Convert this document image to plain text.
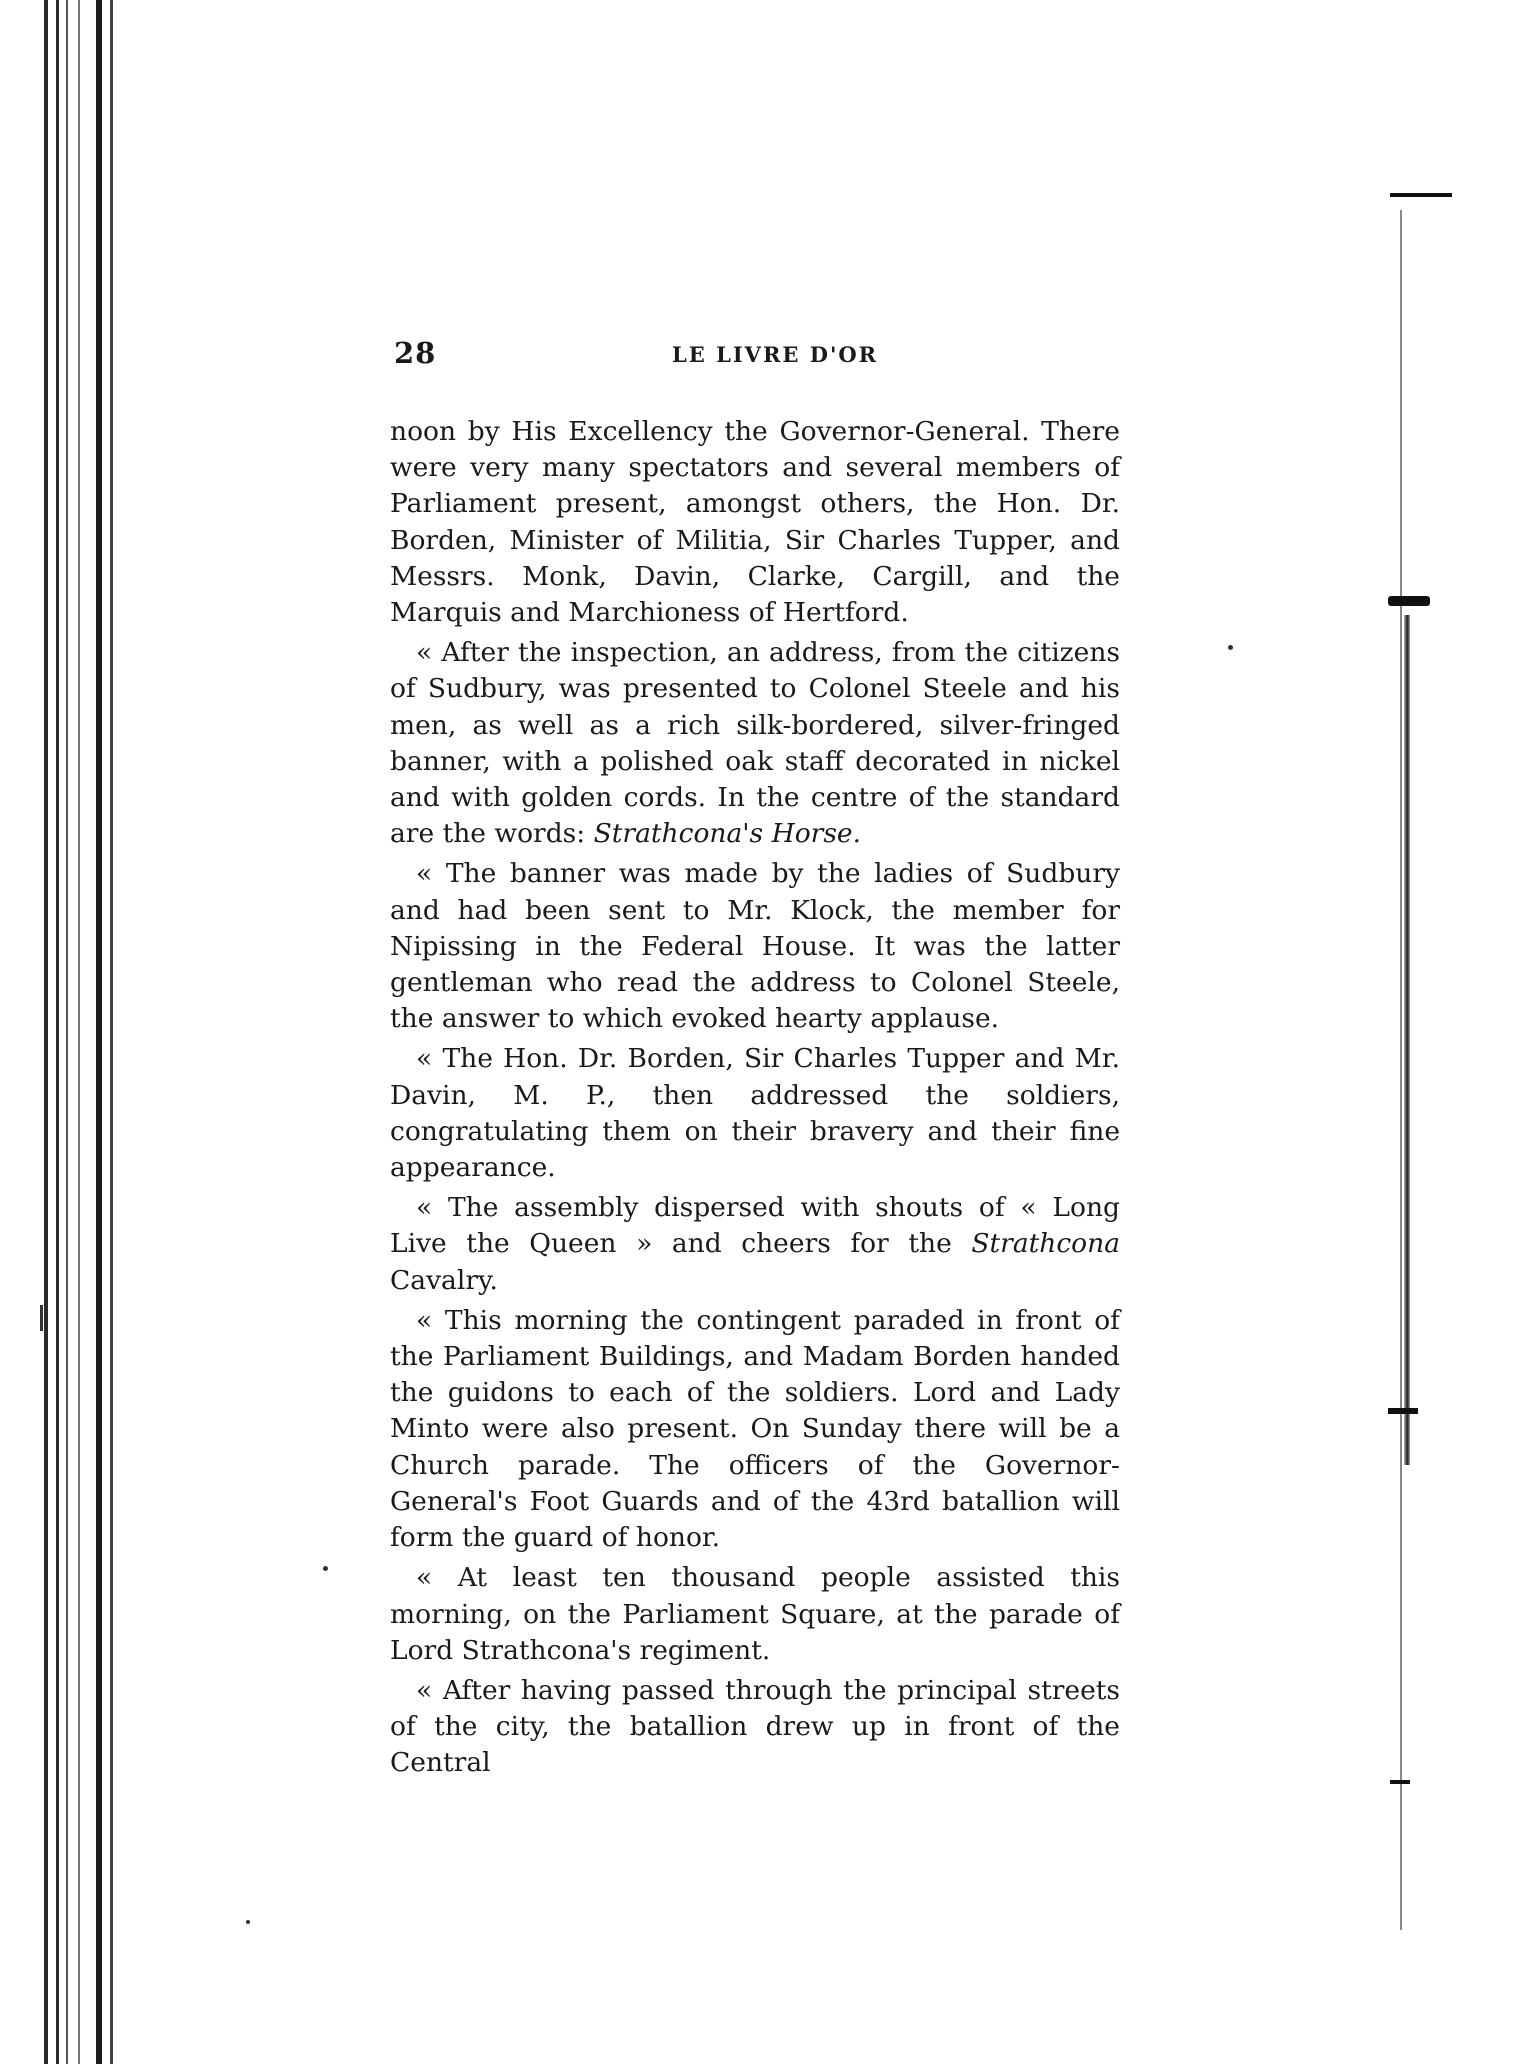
28	LE LIVRE D'OR

noon by His Excellency the Governor-General. There were very many spectators and several members of Parliament present, amongst others, the Hon. Dr. Borden, Minister of Militia, Sir Charles Tupper, and Messrs. Monk, Davin, Clarke, Cargill, and the Marquis and Marchioness of Hertford.

« After the inspection, an address, from the citizens of Sudbury, was presented to Colonel Steele and his men, as well as a rich silk-bordered, silver-fringed banner, with a polished oak staff decorated in nickel and with golden cords. In the centre of the standard are the words: Strathcona's Horse.

« The banner was made by the ladies of Sudbury and had been sent to Mr. Klock, the member for Nipissing in the Federal House. It was the latter gentleman who read the address to Colonel Steele, the answer to which evoked hearty applause.

« The Hon. Dr. Borden, Sir Charles Tupper and Mr. Davin, M. P., then addressed the soldiers, congratulating them on their bravery and their fine appearance.

« The assembly dispersed with shouts of « Long Live the Queen » and cheers for the Strathcona Cavalry.

« This morning the contingent paraded in front of the Parliament Buildings, and Madam Borden handed the guidons to each of the soldiers. Lord and Lady Minto were also present. On Sunday there will be a Church parade. The officers of the Governor-General's Foot Guards and of the 43rd batallion will form the guard of honor.

« At least ten thousand people assisted this morning, on the Parliament Square, at the parade of Lord Strathcona's regiment.

« After having passed through the principal streets of the city, the batallion drew up in front of the Central
